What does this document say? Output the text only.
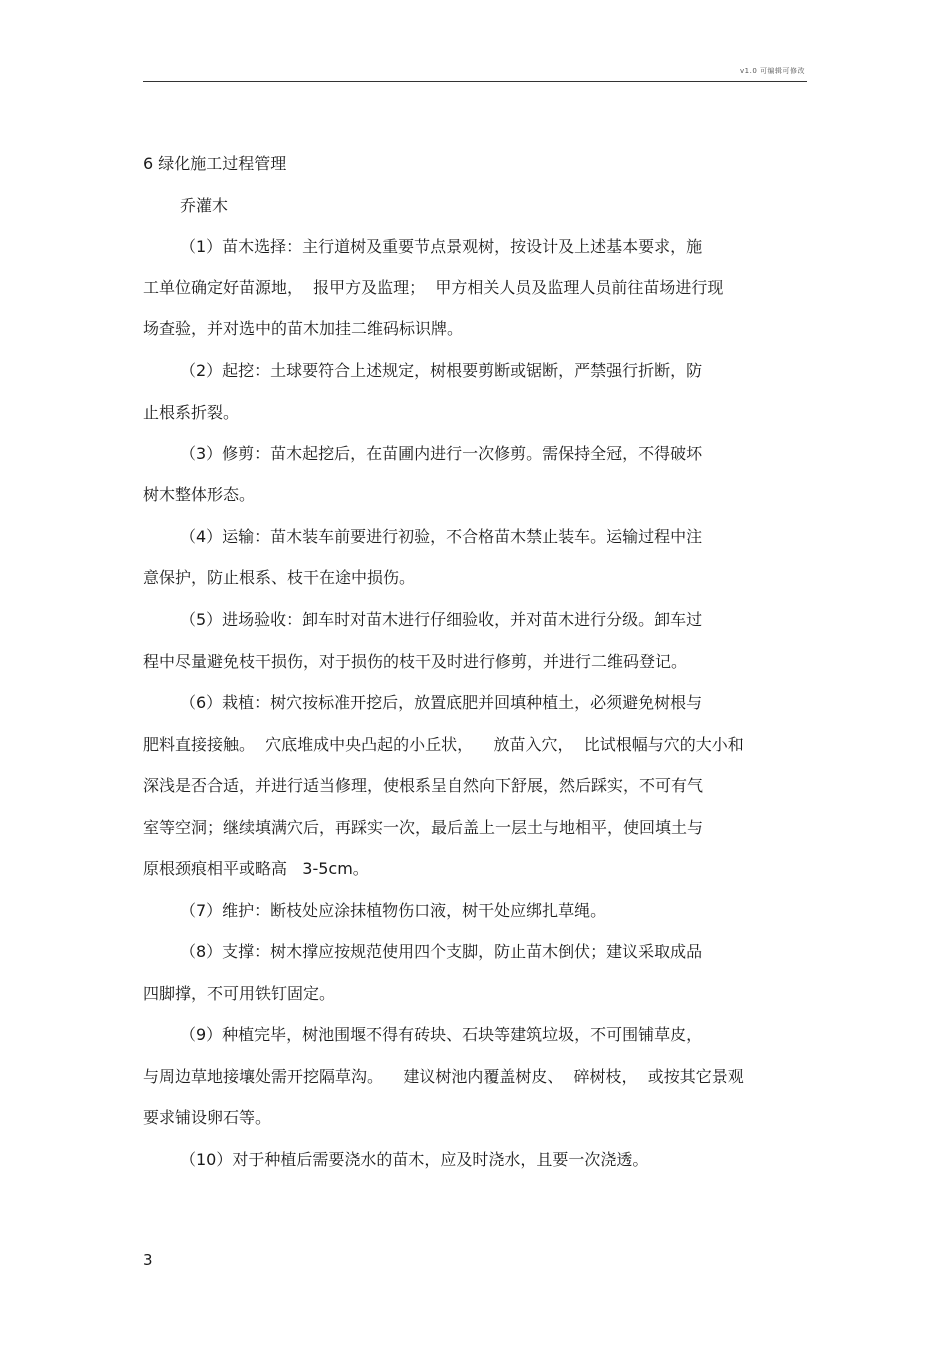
v1.0 可编辑可修改
6 绿化施工过程管理
乔灌木
（1）苗木选择：主行道树及重要节点景观树，按设计及上述基本要求，施
工单位确定好苗源地，  报甲方及监理；  甲方相关人员及监理人员前往苗场进行现
场查验，并对选中的苗木加挂二维码标识牌。
（2）起挖：土球要符合上述规定，树根要剪断或锯断，严禁强行折断，防
止根系折裂。
（3）修剪：苗木起挖后，在苗圃内进行一次修剪。需保持全冠，不得破坏
树木整体形态。
（4）运输：苗木装车前要进行初验，不合格苗木禁止装车。运输过程中注
意保护，防止根系、枝干在途中损伤。
（5）进场验收：卸车时对苗木进行仔细验收，并对苗木进行分级。卸车过
程中尽量避免枝干损伤，对于损伤的枝干及时进行修剪，并进行二维码登记。
（6）栽植：树穴按标准开挖后，放置底肥并回填种植土，必须避免树根与
肥料直接接触。  穴底堆成中央凸起的小丘状，    放苗入穴，  比试根幅与穴的大小和
深浅是否合适，并进行适当修理，使根系呈自然向下舒展，然后踩实，不可有气
室等空洞；继续填满穴后，再踩实一次，最后盖上一层土与地相平，使回填土与
原根颈痕相平或略高   3-5cm。
（7）维护：断枝处应涂抹植物伤口液，树干处应绑扎草绳。
（8）支撑：树木撑应按规范使用四个支脚，防止苗木倒伏；建议采取成品
四脚撑，不可用铁钉固定。
（9）种植完毕，树池围堰不得有砖块、石块等建筑垃圾，不可围铺草皮，
与周边草地接壤处需开挖隔草沟。    建议树池内覆盖树皮、  碎树枝，  或按其它景观
要求铺设卵石等。
（10）对于种植后需要浇水的苗木，应及时浇水，且要一次浇透。
3
